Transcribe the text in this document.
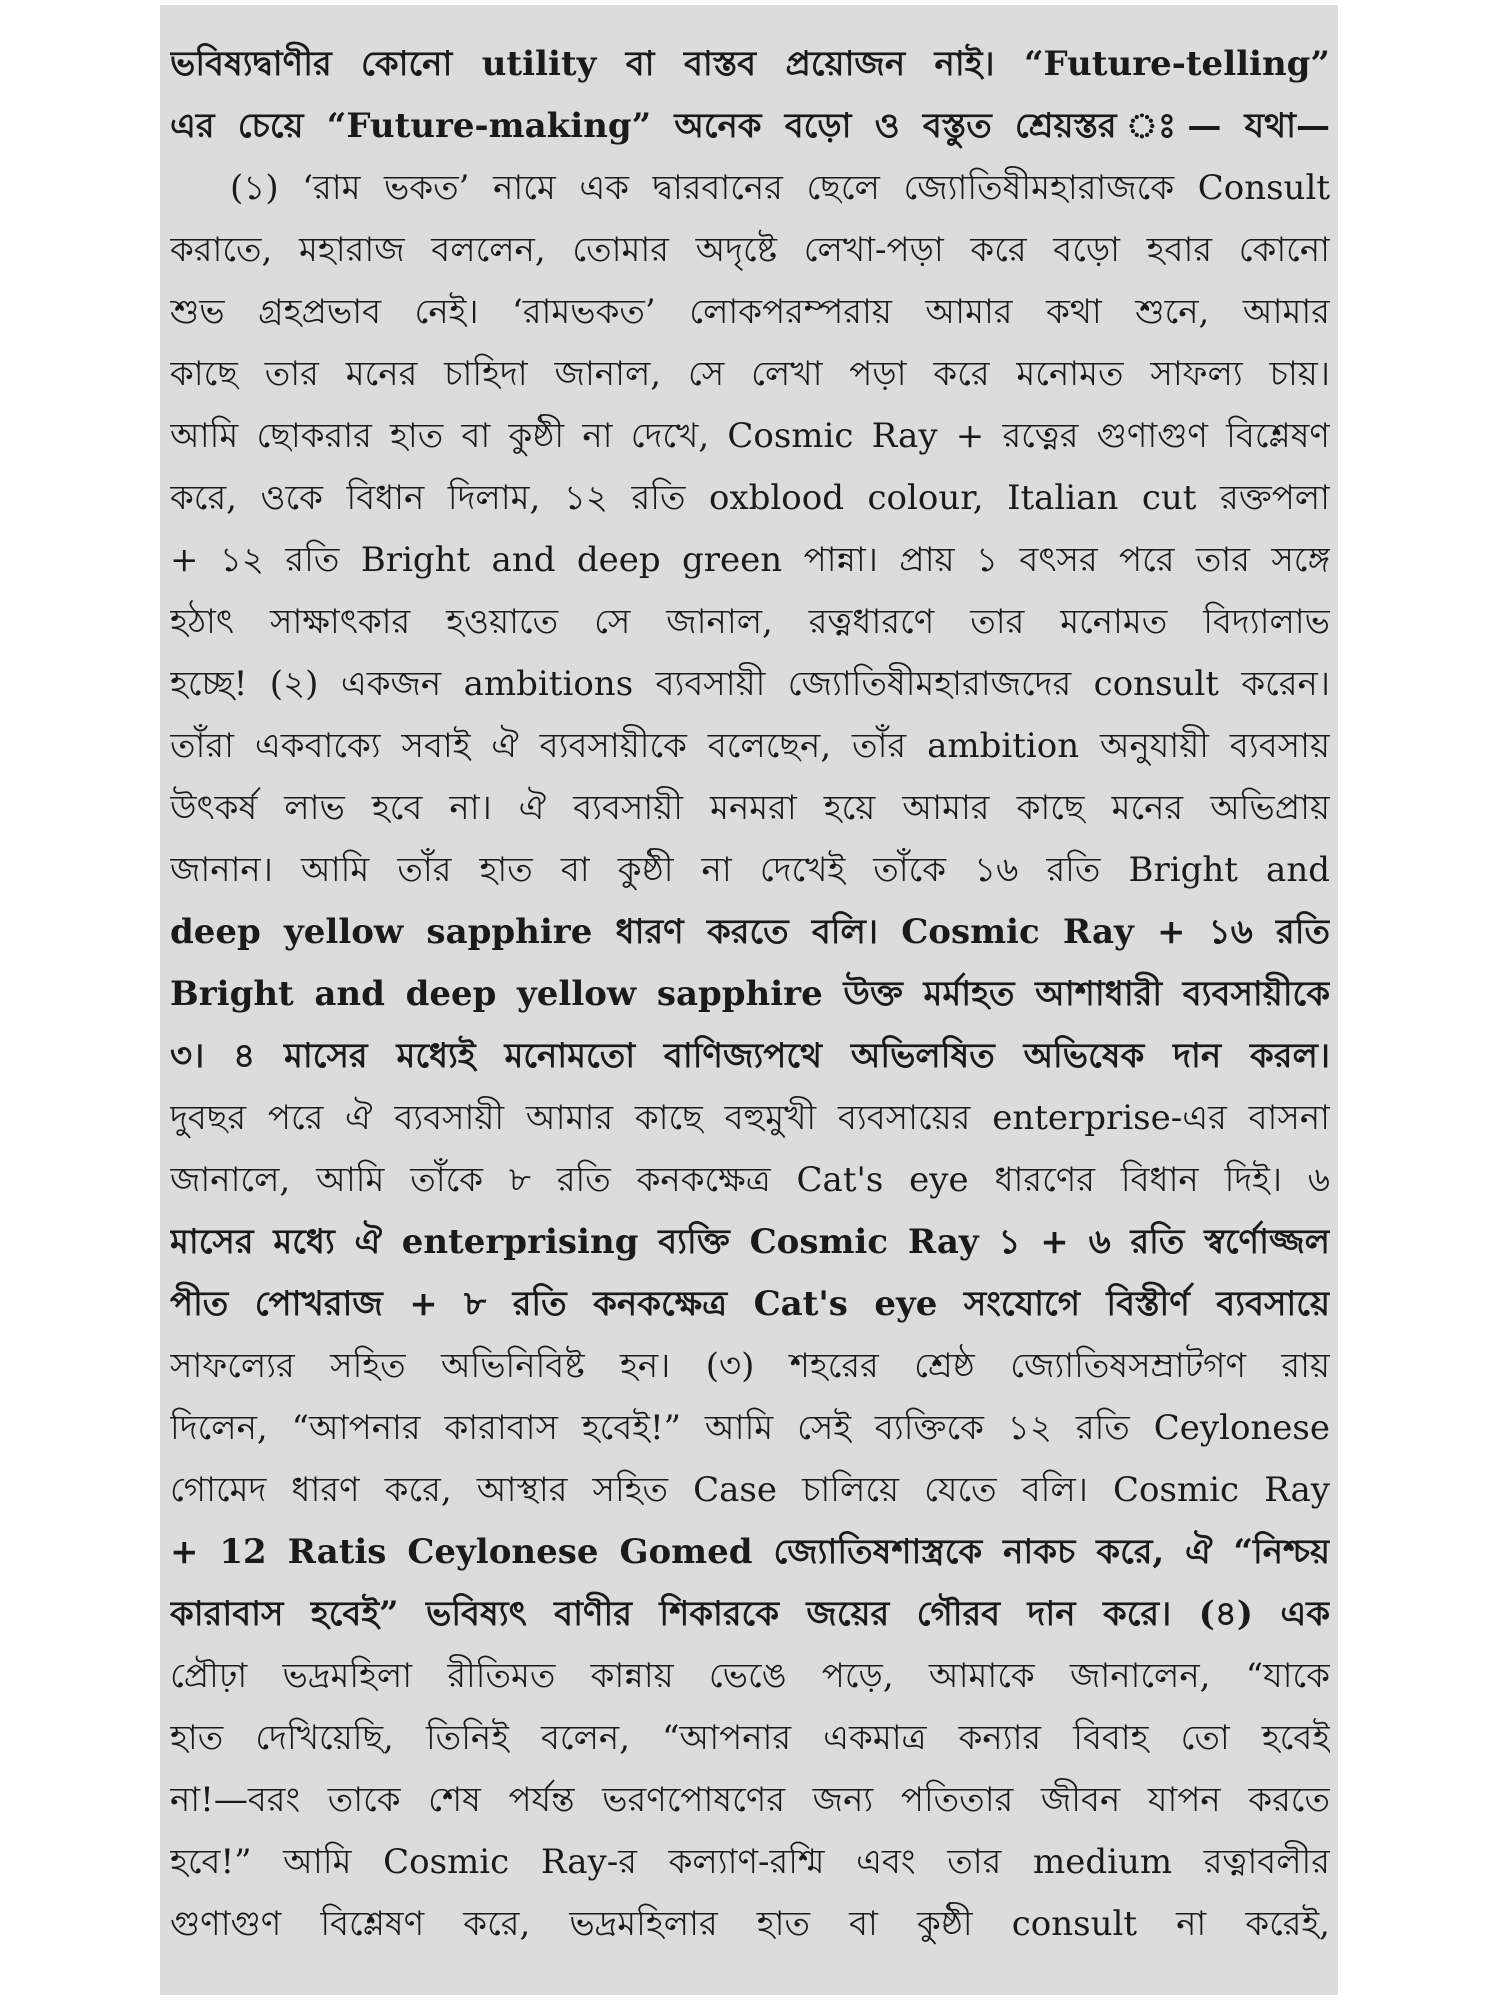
ভবিষ্যদ্বাণীর কোনো utility বা বাস্তব প্রয়োজন নাই। “Future-telling”
এর চেয়ে “Future-making” অনেক বড়ো ও বস্তুত শ্রেয়স্তর ঃ— যথা—
(১) ‘রাম ভকত’ নামে এক দ্বারবানের ছেলে জ্যোতিষীমহারাজকে Consult
করাতে, মহারাজ বললেন, তোমার অদৃষ্টে লেখা-পড়া করে বড়ো হবার কোনো
শুভ গ্রহপ্রভাব নেই। ‘রামভকত’ লোকপরম্পরায় আমার কথা শুনে, আমার
কাছে তার মনের চাহিদা জানাল, সে লেখা পড়া করে মনোমত সাফল্য চায়।
আমি ছোকরার হাত বা কুষ্ঠী না দেখে, Cosmic Ray + রত্নের গুণাগুণ বিশ্লেষণ
করে, ওকে বিধান দিলাম, ১২ রতি oxblood colour, Italian cut রক্তপলা
+ ১২ রতি Bright and deep green পান্না। প্রায় ১ বৎসর পরে তার সঙ্গে
হঠাৎ সাক্ষাৎকার হওয়াতে সে জানাল, রত্নধারণে তার মনোমত বিদ্যালাভ
হচ্ছে! (২) একজন ambitions ব্যবসায়ী জ্যোতিষীমহারাজদের consult করেন।
তাঁরা একবাক্যে সবাই ঐ ব্যবসায়ীকে বলেছেন, তাঁর ambition অনুযায়ী ব্যবসায়
উৎকর্ষ লাভ হবে না। ঐ ব্যবসায়ী মনমরা হয়ে আমার কাছে মনের অভিপ্রায়
জানান। আমি তাঁর হাত বা কুষ্ঠী না দেখেই তাঁকে ১৬ রতি Bright and
deep yellow sapphire ধারণ করতে বলি। Cosmic Ray + ১৬ রতি
Bright and deep yellow sapphire উক্ত মর্মাহত আশাধারী ব্যবসায়ীকে
৩। ৪ মাসের মধ্যেই মনোমতো বাণিজ্যপথে অভিলষিত অভিষেক দান করল।
দুবছর পরে ঐ ব্যবসায়ী আমার কাছে বহুমুখী ব্যবসায়ের enterprise-এর বাসনা
জানালে, আমি তাঁকে ৮ রতি কনকক্ষেত্র Cat's eye ধারণের বিধান দিই। ৬
মাসের মধ্যে ঐ enterprising ব্যক্তি Cosmic Ray ১ + ৬ রতি স্বর্ণোজ্জল
পীত পোখরাজ + ৮ রতি কনকক্ষেত্র Cat's eye সংযোগে বিস্তীর্ণ ব্যবসায়ে
সাফল্যের সহিত অভিনিবিষ্ট হন। (৩) শহরের শ্রেষ্ঠ জ্যোতিষসম্রাটগণ রায়
দিলেন, “আপনার কারাবাস হবেই!” আমি সেই ব্যক্তিকে ১২ রতি Ceylonese
গোমেদ ধারণ করে, আস্থার সহিত Case চালিয়ে যেতে বলি। Cosmic Ray
+ 12 Ratis Ceylonese Gomed জ্যোতিষশাস্ত্রকে নাকচ করে, ঐ “নিশ্চয়
কারাবাস হবেই” ভবিষ্যৎ বাণীর শিকারকে জয়ের গৌরব দান করে। (৪) এক
প্রৌঢ়া ভদ্রমহিলা রীতিমত কান্নায় ভেঙে পড়ে, আমাকে জানালেন, “যাকে
হাত দেখিয়েছি, তিনিই বলেন, “আপনার একমাত্র কন্যার বিবাহ তো হবেই
না!—বরং তাকে শেষ পর্যন্ত ভরণপোষণের জন্য পতিতার জীবন যাপন করতে
হবে!” আমি Cosmic Ray-র কল্যাণ-রশ্মি এবং তার medium রত্নাবলীর
গুণাগুণ বিশ্লেষণ করে, ভদ্রমহিলার হাত বা কুষ্ঠী consult না করেই,
